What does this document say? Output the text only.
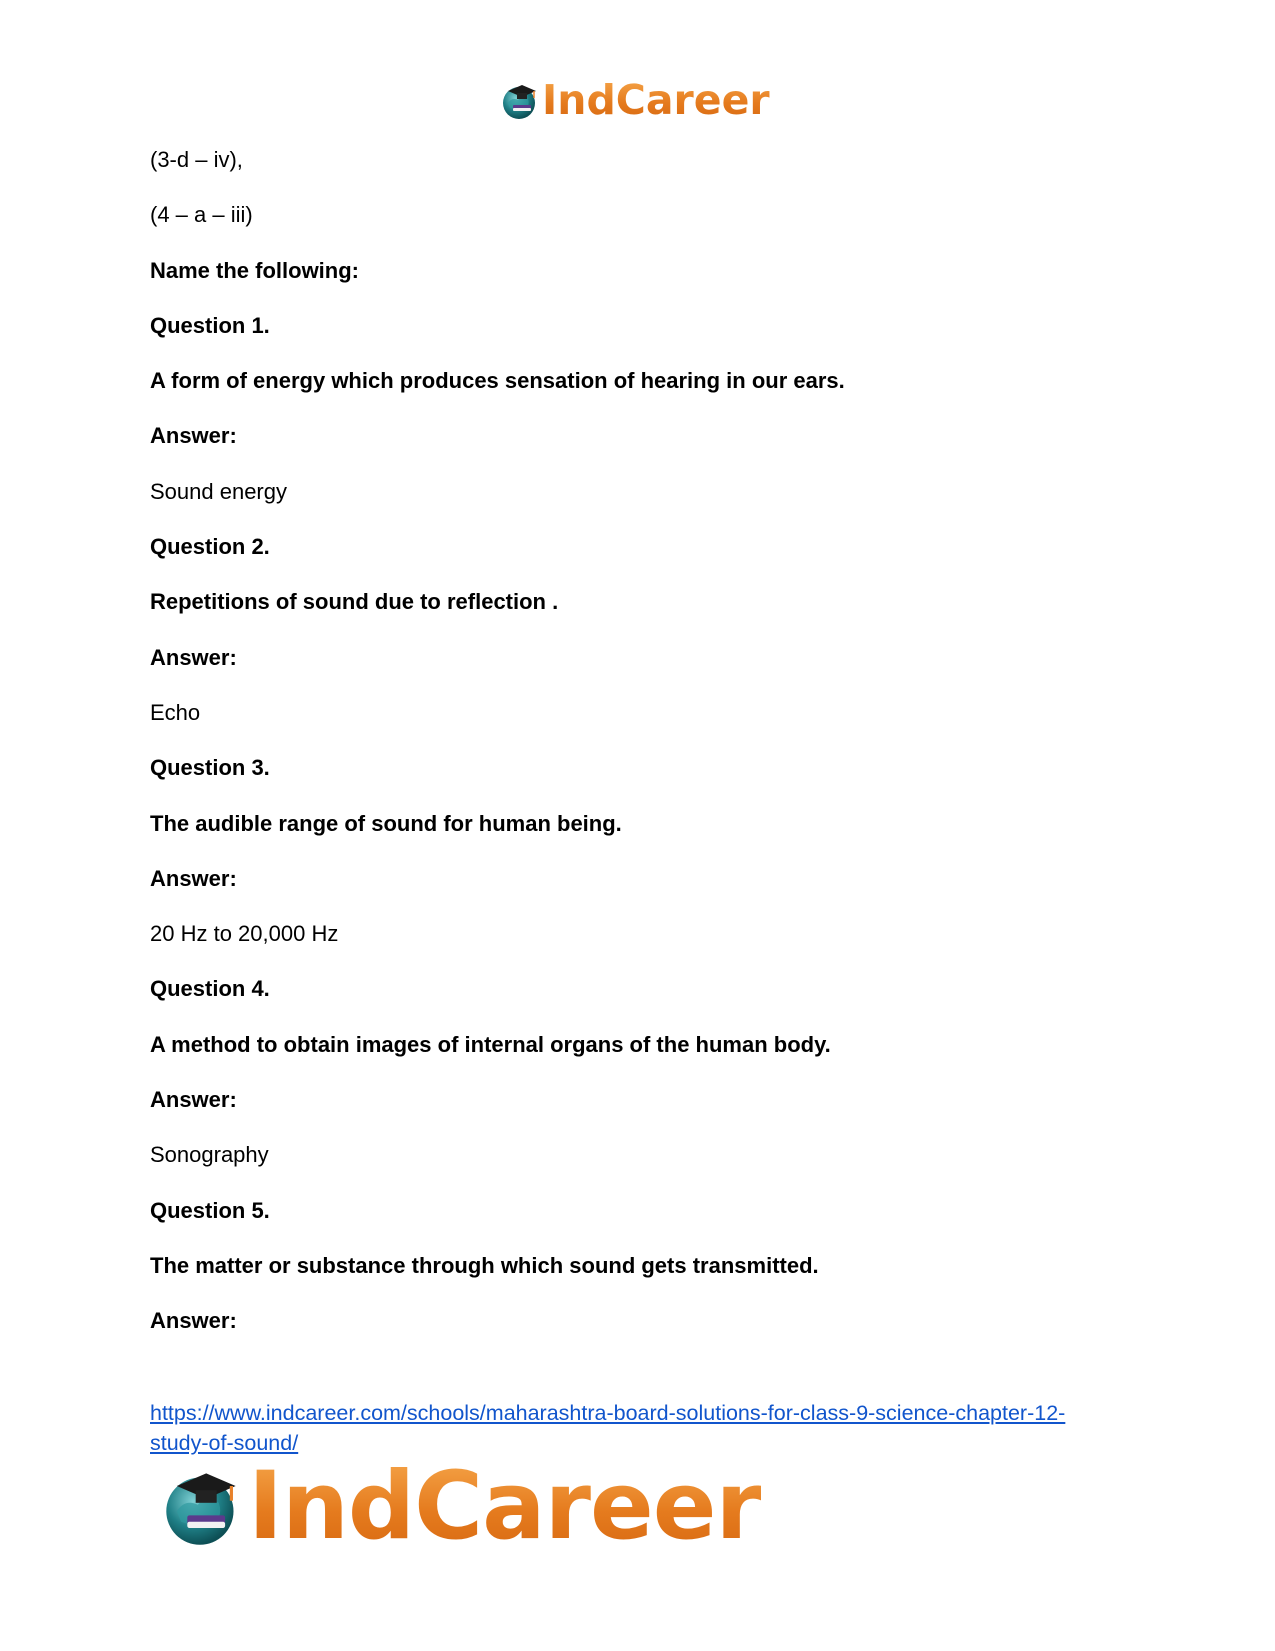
IndCareer
(3-d – iv),
(4 – a – iii)
Name the following:
Question 1.
A form of energy which produces sensation of hearing in our ears.
Answer:
Sound energy
Question 2.
Repetitions of sound due to reflection .
Answer:
Echo
Question 3.
The audible range of sound for human being.
Answer:
20 Hz to 20,000 Hz
Question 4.
A method to obtain images of internal organs of the human body.
Answer:
Sonography
Question 5.
The matter or substance through which sound gets transmitted.
Answer:
https://www.indcareer.com/schools/maharashtra-board-solutions-for-class-9-science-chapter-12-
study-of-sound/
IndCareer
